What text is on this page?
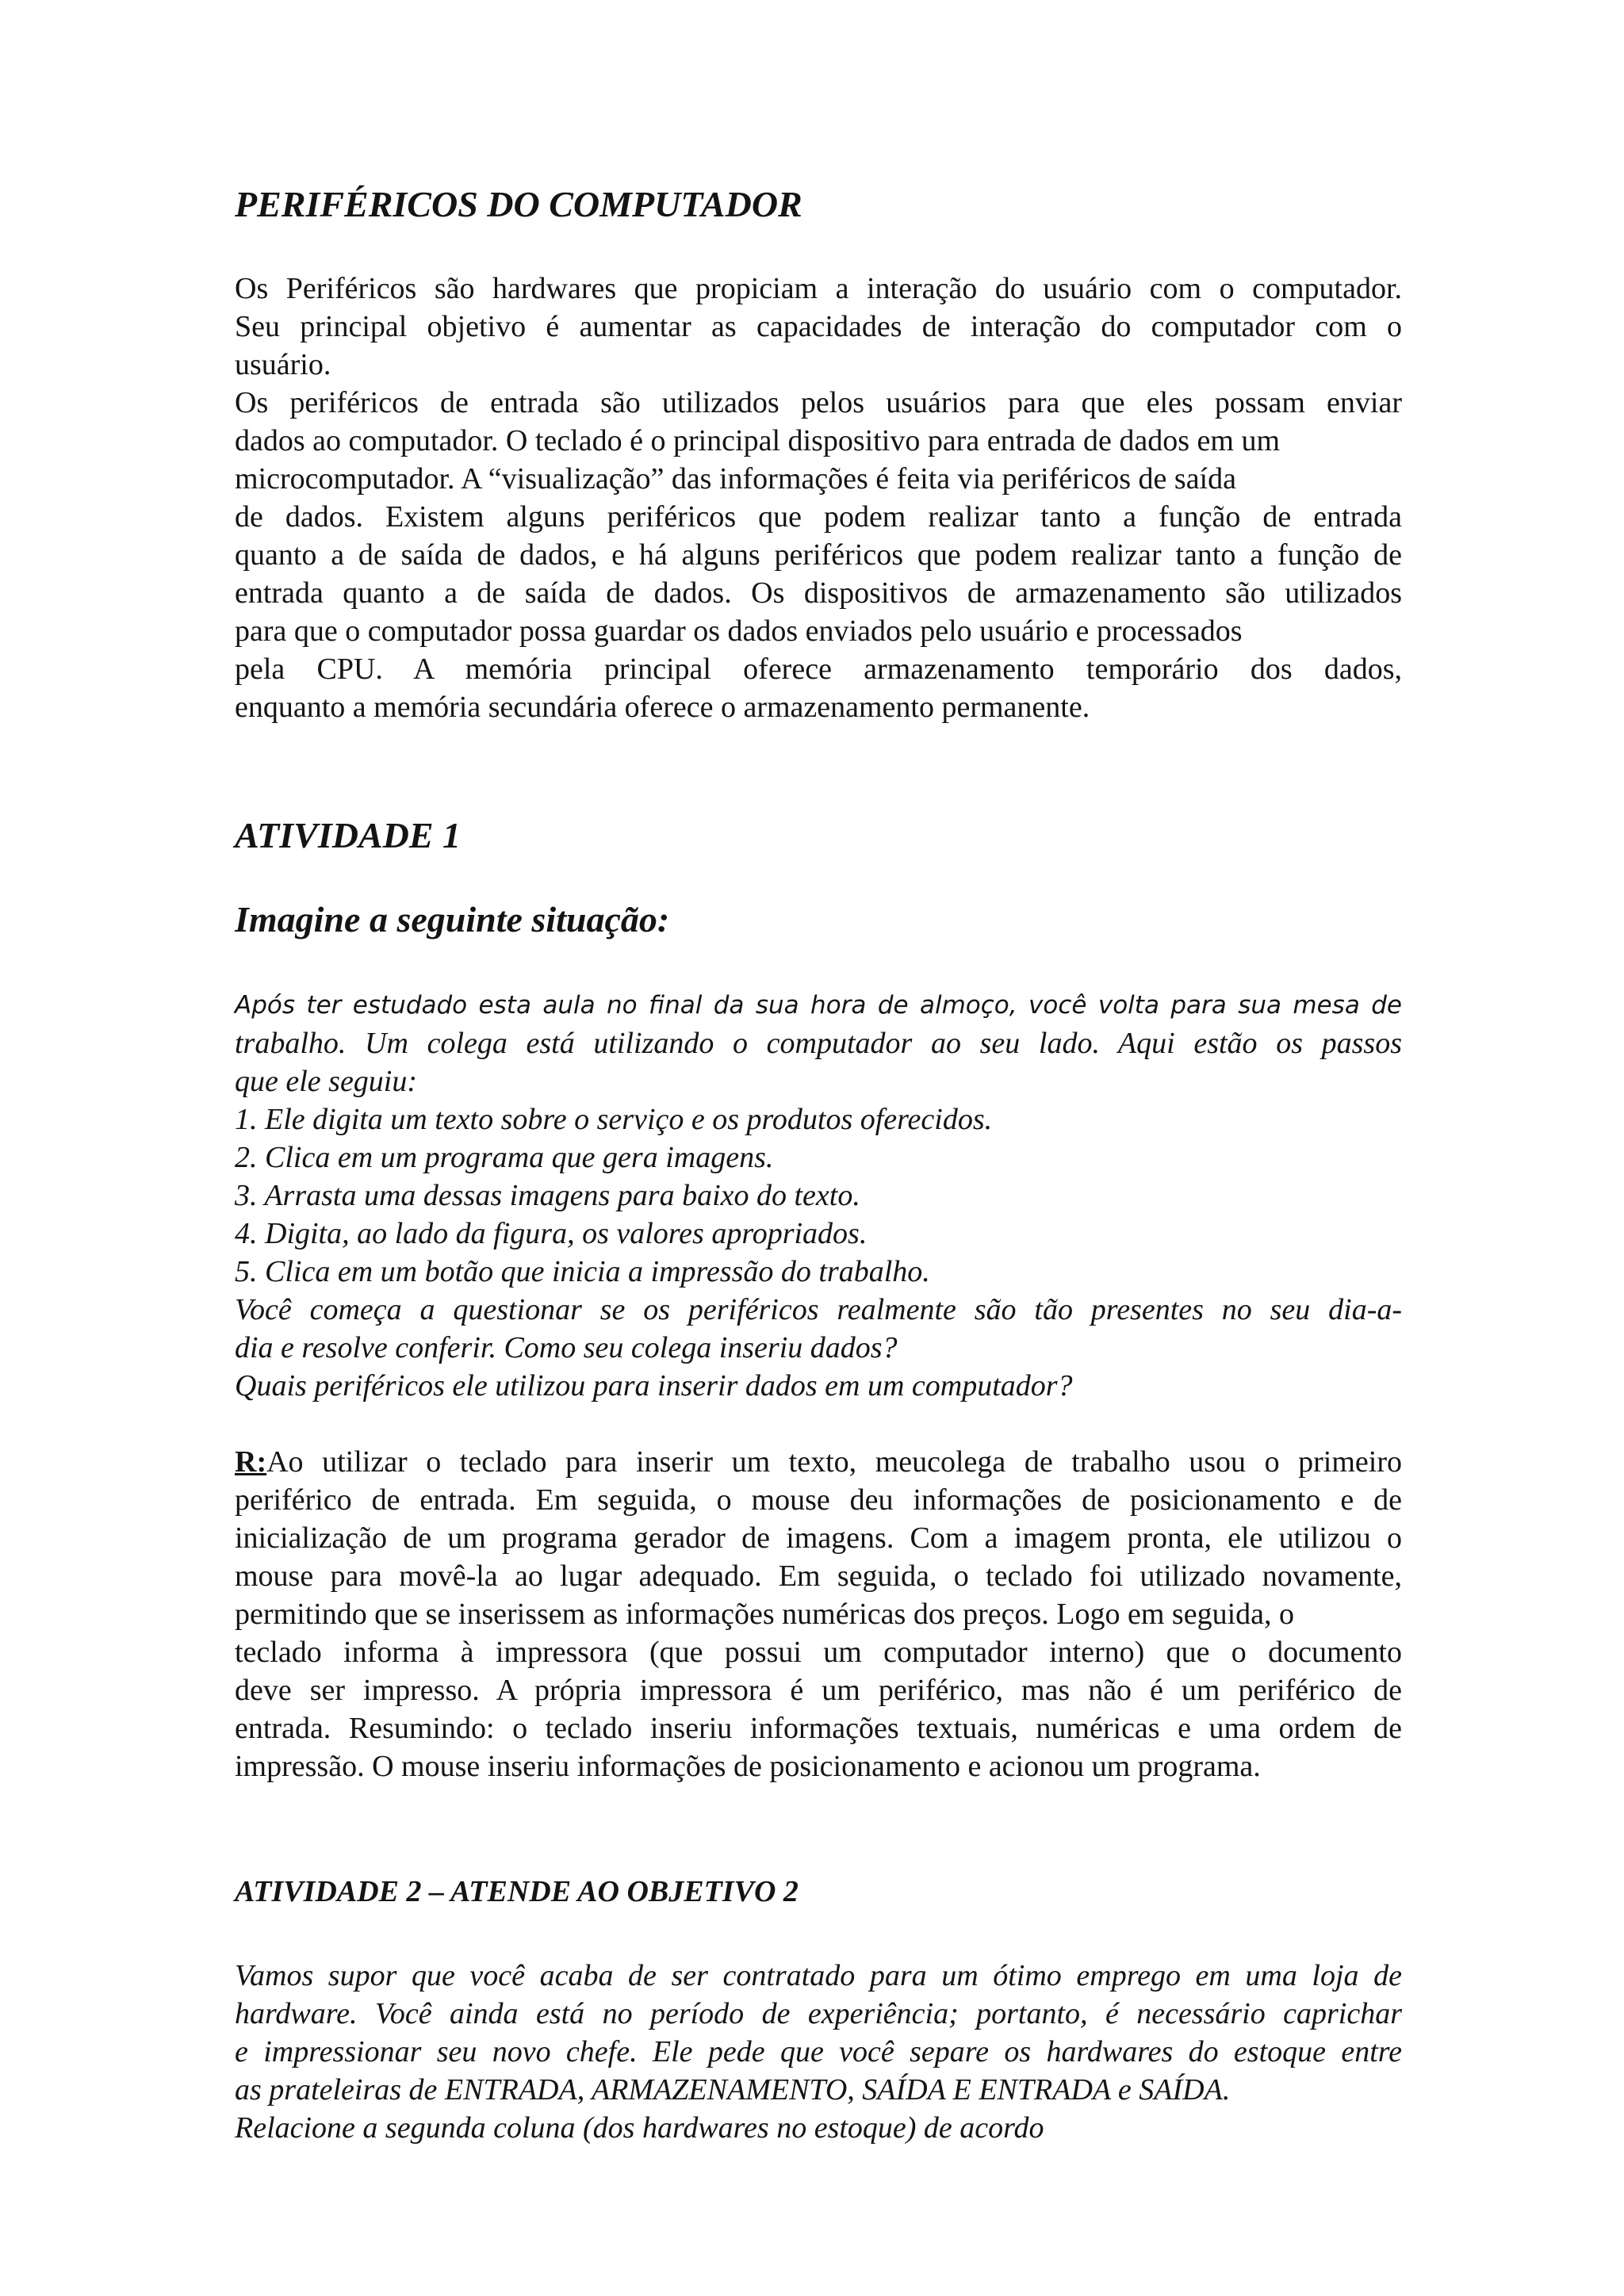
PERIFÉRICOS DO COMPUTADOR
Os Periféricos são hardwares que propiciam a interação do usuário com o computador.
Seu principal objetivo é aumentar as capacidades de interação do computador com o
usuário.
Os periféricos de entrada são utilizados pelos usuários para que eles possam enviar
dados ao computador. O teclado é o principal dispositivo para entrada de dados em um
microcomputador. A “visualização” das informações é feita via periféricos de saída
de dados. Existem alguns periféricos que podem realizar tanto a função de entrada
quanto a de saída de dados, e há alguns periféricos que podem realizar tanto a função de
entrada quanto a de saída de dados. Os dispositivos de armazenamento são utilizados
para que o computador possa guardar os dados enviados pelo usuário e processados
pela CPU. A memória principal oferece armazenamento temporário dos dados,
enquanto a memória secundária oferece o armazenamento permanente.
ATIVIDADE 1
Imagine a seguinte situação:
Após ter estudado esta aula no final da sua hora de almoço, você volta para sua mesa de
trabalho. Um colega está utilizando o computador ao seu lado. Aqui estão os passos
que ele seguiu:
1. Ele digita um texto sobre o serviço e os produtos oferecidos.
2. Clica em um programa que gera imagens.
3. Arrasta uma dessas imagens para baixo do texto.
4. Digita, ao lado da figura, os valores apropriados.
5. Clica em um botão que inicia a impressão do trabalho.
Você começa a questionar se os periféricos realmente são tão presentes no seu dia-a-
dia e resolve conferir. Como seu colega inseriu dados?
Quais periféricos ele utilizou para inserir dados em um computador?
R:Ao utilizar o teclado para inserir um texto, meucolega de trabalho usou o primeiro
periférico de entrada. Em seguida, o mouse deu informações de posicionamento e de
inicialização de um programa gerador de imagens. Com a imagem pronta, ele utilizou o
mouse para movê-la ao lugar adequado. Em seguida, o teclado foi utilizado novamente,
permitindo que se inserissem as informações numéricas dos preços. Logo em seguida, o
teclado informa à impressora (que possui um computador interno) que o documento
deve ser impresso. A própria impressora é um periférico, mas não é um periférico de
entrada. Resumindo: o teclado inseriu informações textuais, numéricas e uma ordem de
impressão. O mouse inseriu informações de posicionamento e acionou um programa.
ATIVIDADE 2 – ATENDE AO OBJETIVO 2
Vamos supor que você acaba de ser contratado para um ótimo emprego em uma loja de
hardware. Você ainda está no período de experiência; portanto, é necessário caprichar
e impressionar seu novo chefe. Ele pede que você separe os hardwares do estoque entre
as prateleiras de ENTRADA, ARMAZENAMENTO, SAÍDA E ENTRADA e SAÍDA.
Relacione a segunda coluna (dos hardwares no estoque) de acordo
